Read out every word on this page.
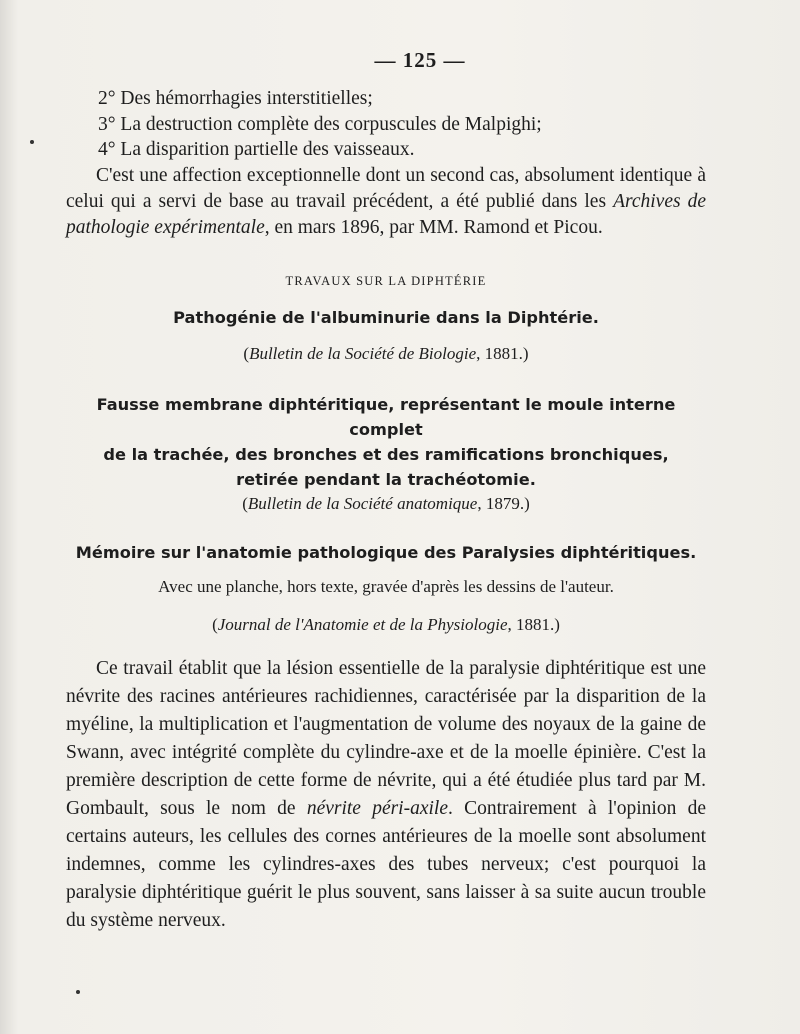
— 125 —

2° Des hémorrhagies interstitielles;

3° La destruction complète des corpuscules de Malpighi;

4° La disparition partielle des vaisseaux.

C'est une affection exceptionnelle dont un second cas, absolument identique à celui qui a servi de base au travail précédent, a été publié dans les Archives de pathologie expérimentale, en mars 1896, par MM. Ramond et Picou.

TRAVAUX SUR LA DIPHTÉRIE

Pathogénie de l'albuminurie dans la Diphtérie.

(Bulletin de la Société de Biologie, 1881.)

Fausse membrane diphtéritique, représentant le moule interne complet

de la trachée, des bronches et des ramifications bronchiques,

retirée pendant la trachéotomie.

(Bulletin de la Société anatomique, 1879.)

Mémoire sur l'anatomie pathologique des Paralysies diphtéritiques.

Avec une planche, hors texte, gravée d'après les dessins de l'auteur.

(Journal de l'Anatomie et de la Physiologie, 1881.)

Ce travail établit que la lésion essentielle de la paralysie diphtéritique est une névrite des racines antérieures rachidiennes, caractérisée par la disparition de la myéline, la multiplication et l'augmentation de volume des noyaux de la gaine de Swann, avec intégrité complète du cylindre-axe et de la moelle épinière. C'est la première description de cette forme de névrite, qui a été étudiée plus tard par M. Gombault, sous le nom de névrite péri-axile. Contrairement à l'opinion de certains auteurs, les cellules des cornes antérieures de la moelle sont absolument indemnes, comme les cylindres-axes des tubes nerveux; c'est pourquoi la paralysie diphtéritique guérit le plus souvent, sans laisser à sa suite aucun trouble du système nerveux.
